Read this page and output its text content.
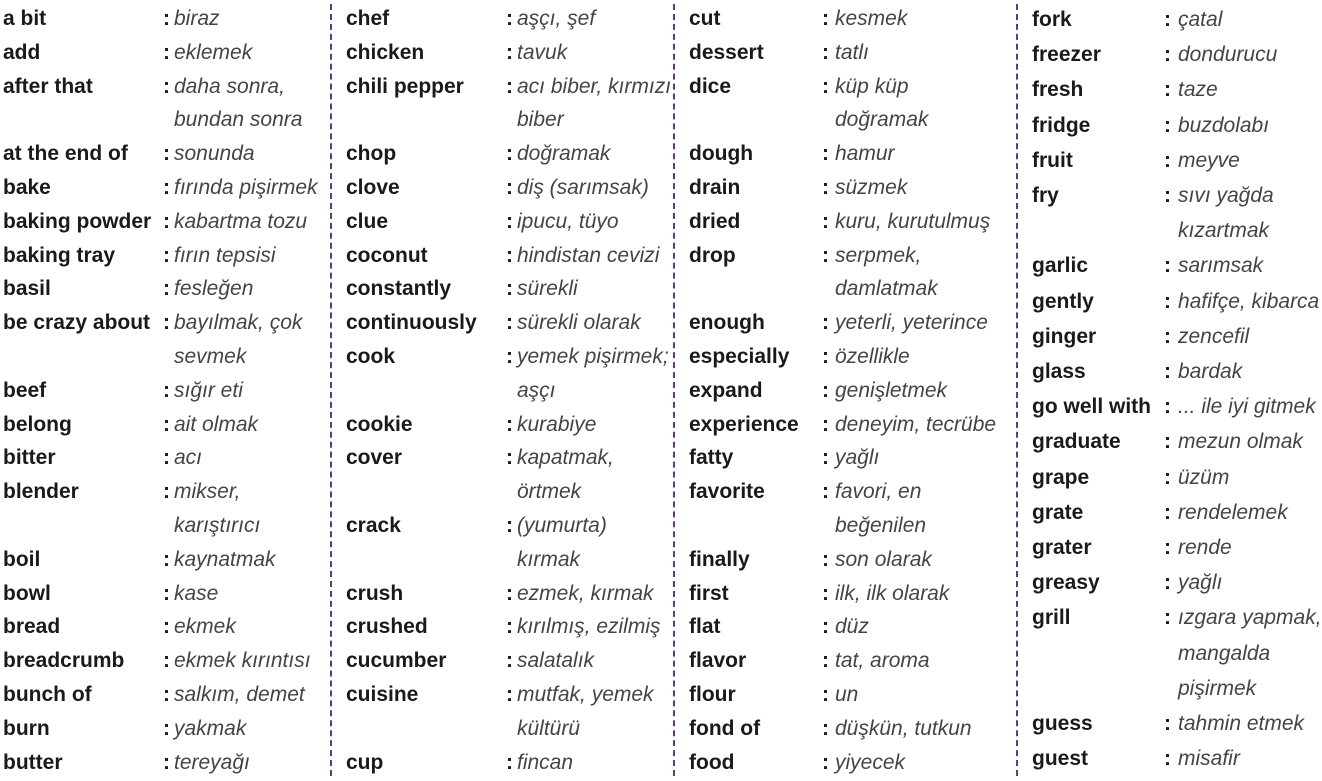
a bit	: biraz
add	: eklemek
after that	: daha sonra,
bundan sonra
at the end of : sonunda
bake	: fırında pişirmek
baking powder : kabartma tozu
baking tray : fırın tepsisi
basil	: fesleğen
be crazy about : bayılmak, çok
sevmek
beef	: sığır eti
belong	: ait olmak
bitter	: acı
blender	: mikser,
karıştırıcı
boil	: kaynatmak
bowl	: kase
bread	: ekmek
breadcrumb : ekmek kırıntısı
bunch of	: salkım, demet
burn	: yakmak
butter	: tereyağı
chef	: aşçı, şef
chicken	: tavuk
chili pepper : acı biber, kırmızı
biber
chop	: doğramak
clove	: diş (sarımsak)
clue	: ipucu, tüyo
coconut	: hindistan cevizi
constantly	: sürekli
continuously : sürekli olarak
cook	: yemek pişirmek;
aşçı
cookie	: kurabiye
cover	: kapatmak,
örtmek
crack	: (yumurta)
kırmak
crush	: ezmek, kırmak
crushed	: kırılmış, ezilmiş
cucumber	: salatalık
cuisine	: mutfak, yemek
kültürü
cup	: fincan
cut	: kesmek
dessert	: tatlı
dice	: küp küp
doğramak
dough	: hamur
drain	: süzmek
dried	: kuru, kurutulmuş
drop	: serpmek,
damlatmak
enough	: yeterli, yeterince
especially : özellikle
expand	: genişletmek
experience : deneyim, tecrübe
fatty	: yağlı
favorite	: favori, en
beğenilen
finally	: son olarak
first	: ilk, ilk olarak
flat	: düz
flavor	: tat, aroma
flour	: un
fond of	: düşkün, tutkun
food	: yiyecek
fork	: çatal
freezer	: dondurucu
fresh	: taze
fridge	: buzdolabı
fruit	: meyve
fry	: sıvı yağda
kızartmak
garlic	: sarımsak
gently	: hafifçe, kibarca
ginger	: zencefil
glass	: bardak
go well with : ... ile iyi gitmek
graduate : mezun olmak
grape	: üzüm
grate	: rendelemek
grater	: rende
greasy	: yağlı
grill	: ızgara yapmak,
mangalda
pişirmek
guess	: tahmin etmek
guest	: misafir
